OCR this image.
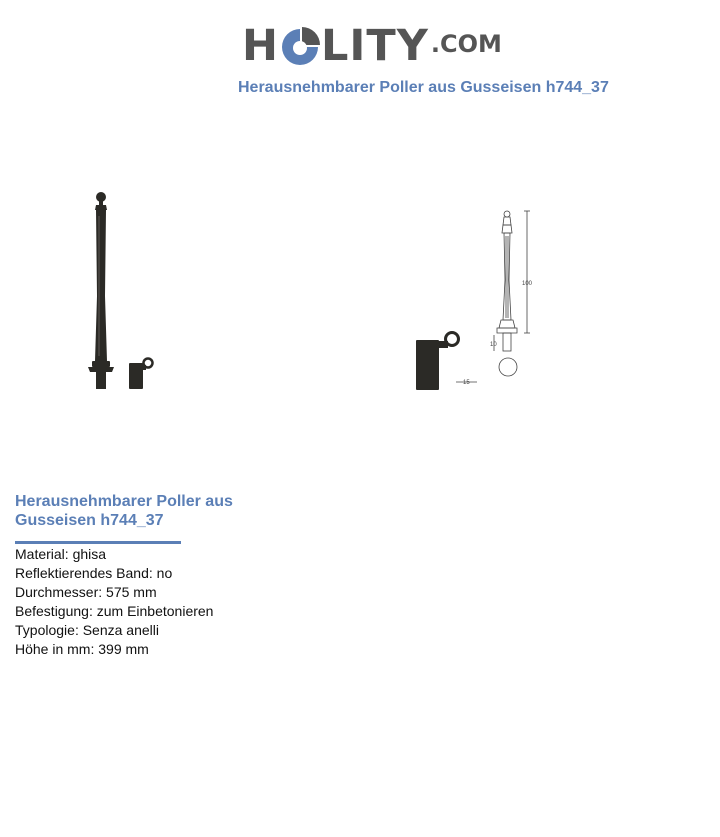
H LITY .COM
Herausnehmbarer Poller aus Gusseisen h744_37
100
10
15
Herausnehmbarer Poller aus Gusseisen h744_37
Material: ghisa
Reflektierendes Band: no
Durchmesser: 575 mm
Befestigung: zum Einbetonieren
Typologie: Senza anelli
Höhe in mm: 399 mm
